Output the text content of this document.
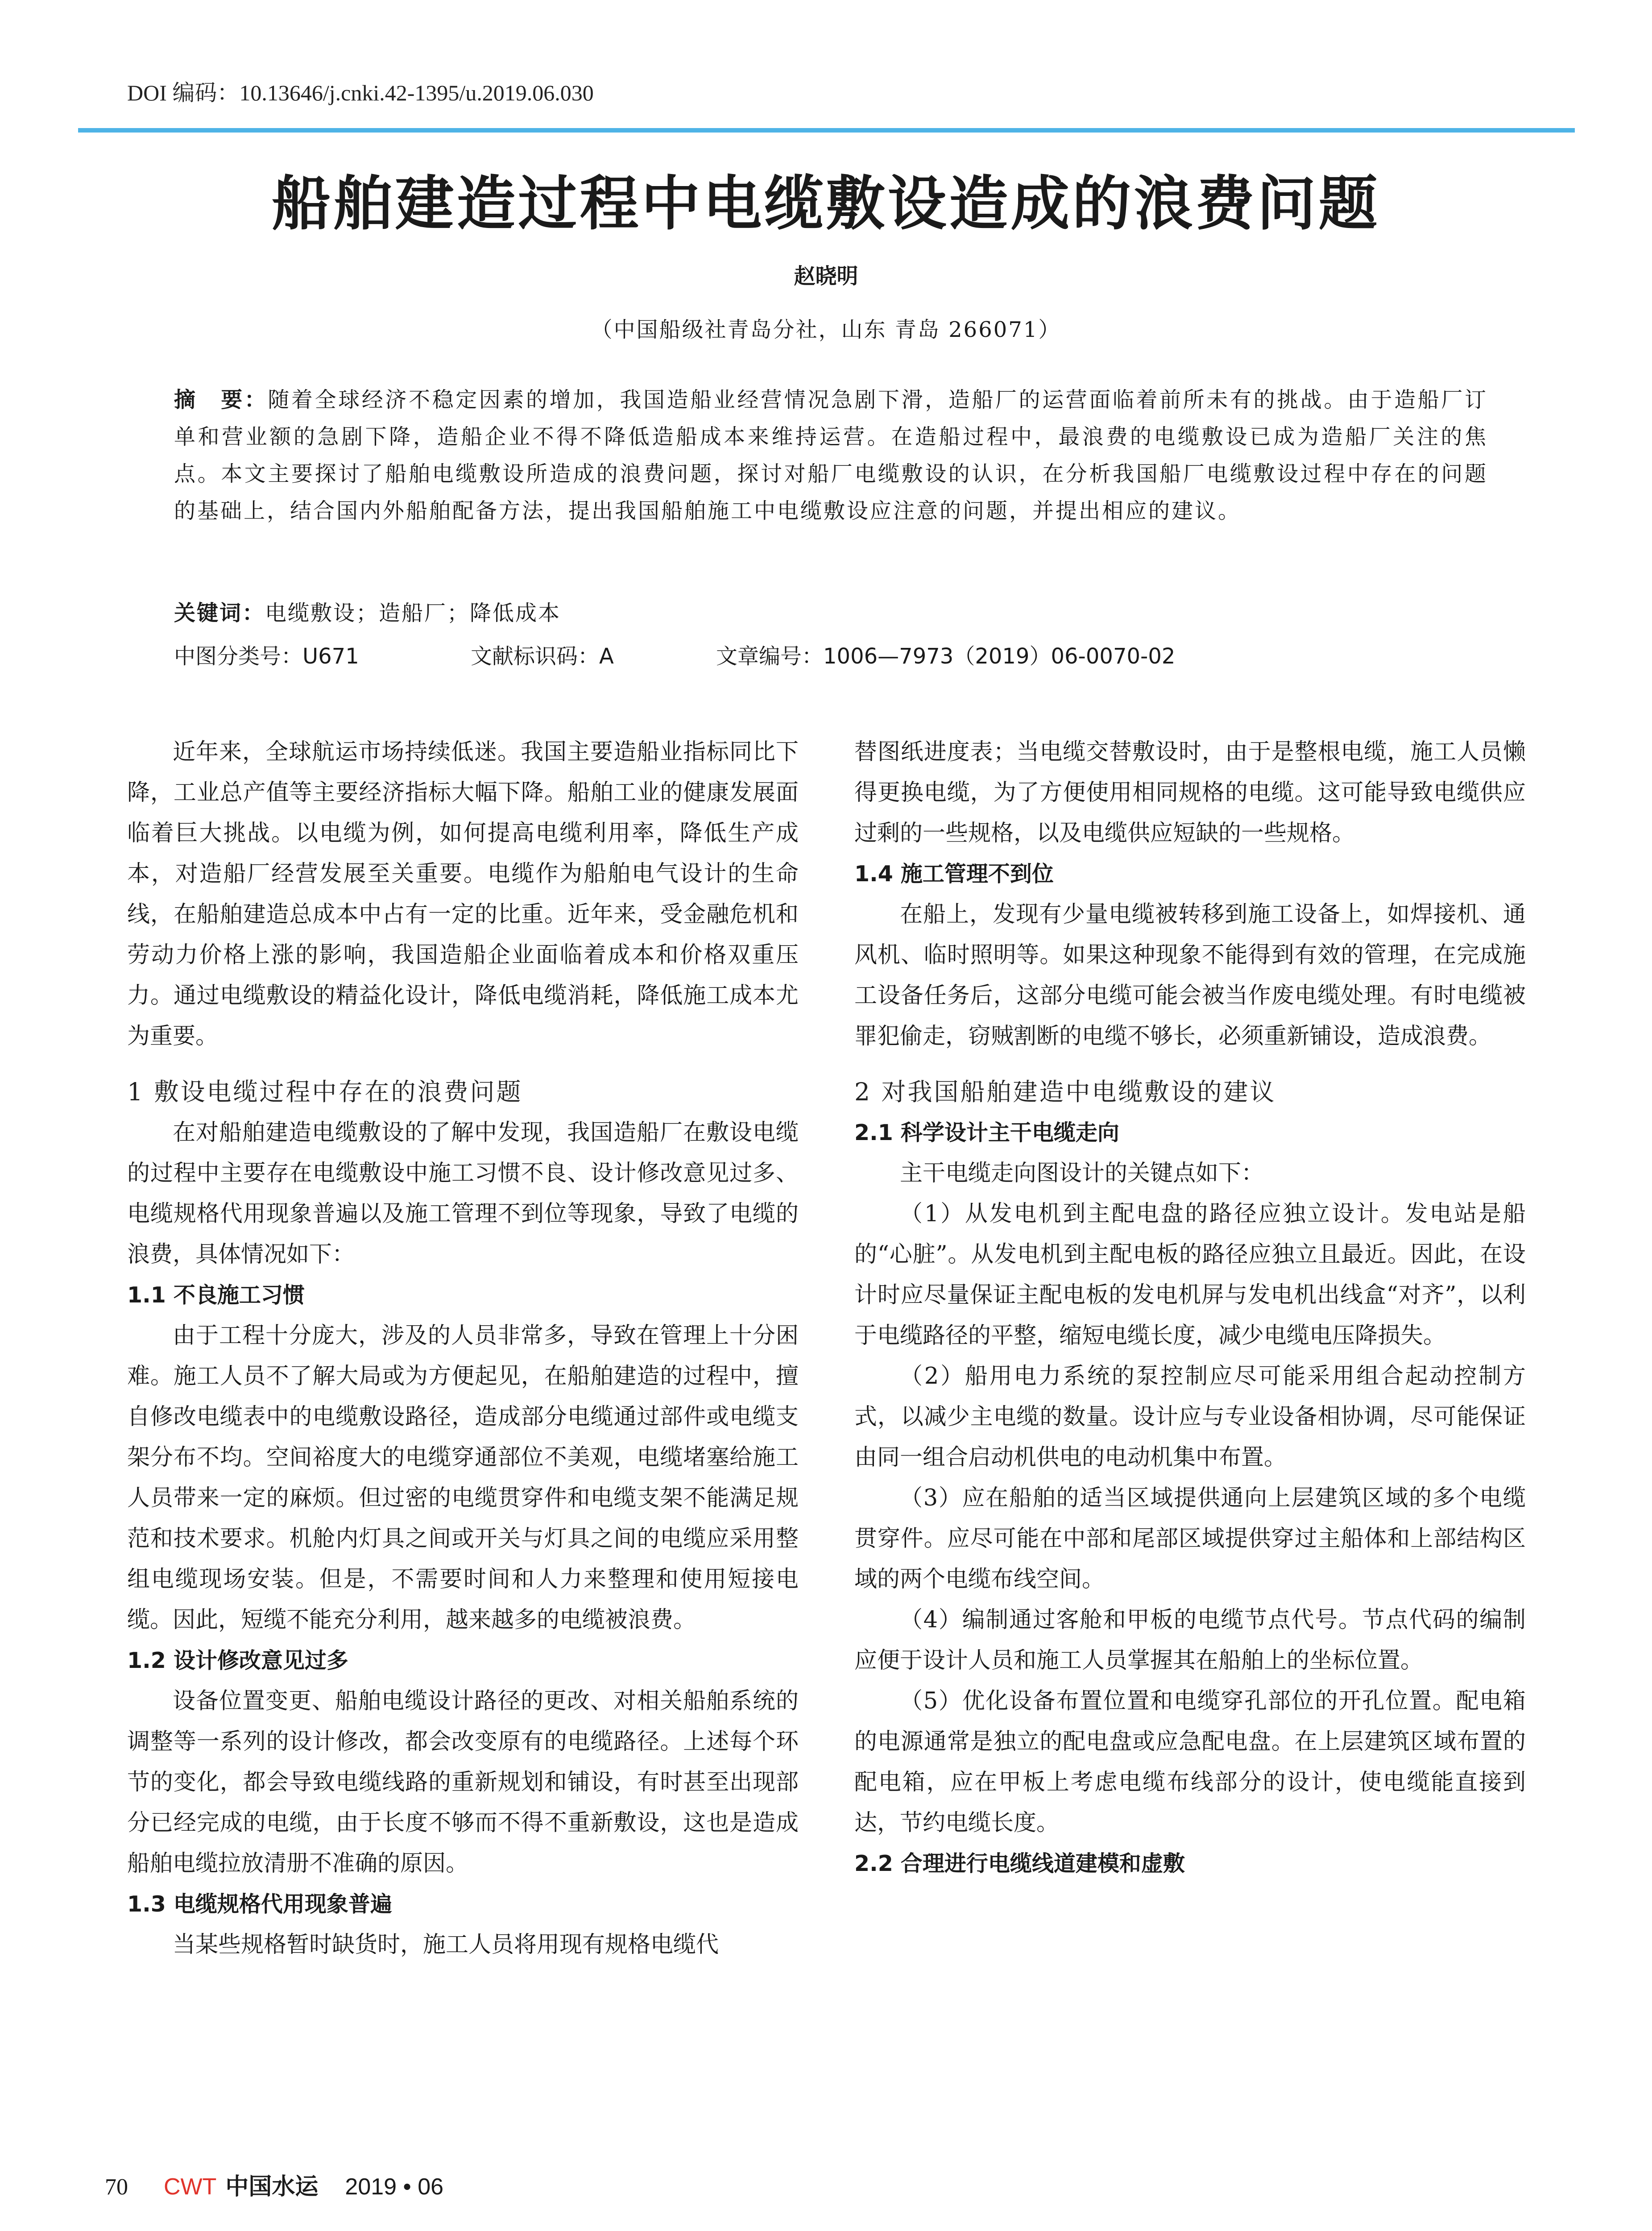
DOI 编码：10.13646/j.cnki.42-1395/u.2019.06.030
船舶建造过程中电缆敷设造成的浪费问题
赵晓明
（中国船级社青岛分社，山东 青岛 266071）
摘　要：随着全球经济不稳定因素的增加，我国造船业经营情况急剧下滑，造船厂的运营面临着前所未有的挑战。由于造船厂订单和营业额的急剧下降，造船企业不得不降低造船成本来维持运营。在造船过程中，最浪费的电缆敷设已成为造船厂关注的焦点。本文主要探讨了船舶电缆敷设所造成的浪费问题，探讨对船厂电缆敷设的认识，在分析我国船厂电缆敷设过程中存在的问题的基础上，结合国内外船舶配备方法，提出我国船舶施工中电缆敷设应注意的问题，并提出相应的建议。
关键词：电缆敷设；造船厂；降低成本
中图分类号：U671	文献标识码：A	文章编号：1006—7973（2019）06-0070-02

近年来，全球航运市场持续低迷。我国主要造船业指标同比下降，工业总产值等主要经济指标大幅下降。船舶工业的健康发展面临着巨大挑战。以电缆为例，如何提高电缆利用率，降低生产成本，对造船厂经营发展至关重要。电缆作为船舶电气设计的生命线，在船舶建造总成本中占有一定的比重。近年来，受金融危机和劳动力价格上涨的影响，我国造船企业面临着成本和价格双重压力。通过电缆敷设的精益化设计，降低电缆消耗，降低施工成本尤为重要。

1 敷设电缆过程中存在的浪费问题

在对船舶建造电缆敷设的了解中发现，我国造船厂在敷设电缆的过程中主要存在电缆敷设中施工习惯不良、设计修改意见过多、电缆规格代用现象普遍以及施工管理不到位等现象，导致了电缆的浪费，具体情况如下：

1.1 不良施工习惯

由于工程十分庞大，涉及的人员非常多，导致在管理上十分困难。施工人员不了解大局或为方便起见，在船舶建造的过程中，擅自修改电缆表中的电缆敷设路径，造成部分电缆通过部件或电缆支架分布不均。空间裕度大的电缆穿通部位不美观，电缆堵塞给施工人员带来一定的麻烦。但过密的电缆贯穿件和电缆支架不能满足规范和技术要求。机舱内灯具之间或开关与灯具之间的电缆应采用整组电缆现场安装。但是，不需要时间和人力来整理和使用短接电缆。因此，短缆不能充分利用，越来越多的电缆被浪费。

1.2 设计修改意见过多

设备位置变更、船舶电缆设计路径的更改、对相关船舶系统的调整等一系列的设计修改，都会改变原有的电缆路径。上述每个环节的变化，都会导致电缆线路的重新规划和铺设，有时甚至出现部分已经完成的电缆，由于长度不够而不得不重新敷设，这也是造成船舶电缆拉放清册不准确的原因。

1.3 电缆规格代用现象普遍

当某些规格暂时缺货时，施工人员将用现有规格电缆代

替图纸进度表；当电缆交替敷设时，由于是整根电缆，施工人员懒得更换电缆，为了方便使用相同规格的电缆。这可能导致电缆供应过剩的一些规格，以及电缆供应短缺的一些规格。

1.4 施工管理不到位

在船上，发现有少量电缆被转移到施工设备上，如焊接机、通风机、临时照明等。如果这种现象不能得到有效的管理，在完成施工设备任务后，这部分电缆可能会被当作废电缆处理。有时电缆被罪犯偷走，窃贼割断的电缆不够长，必须重新铺设，造成浪费。

2 对我国船舶建造中电缆敷设的建议
2.1 科学设计主干电缆走向

主干电缆走向图设计的关键点如下：

（1）从发电机到主配电盘的路径应独立设计。发电站是船的“心脏”。从发电机到主配电板的路径应独立且最近。因此，在设计时应尽量保证主配电板的发电机屏与发电机出线盒“对齐”，以利于电缆路径的平整，缩短电缆长度，减少电缆电压降损失。

（2）船用电力系统的泵控制应尽可能采用组合起动控制方式，以减少主电缆的数量。设计应与专业设备相协调，尽可能保证由同一组合启动机供电的电动机集中布置。

（3）应在船舶的适当区域提供通向上层建筑区域的多个电缆贯穿件。应尽可能在中部和尾部区域提供穿过主船体和上部结构区域的两个电缆布线空间。

（4）编制通过客舱和甲板的电缆节点代号。节点代码的编制应便于设计人员和施工人员掌握其在船舶上的坐标位置。

（5）优化设备布置位置和电缆穿孔部位的开孔位置。配电箱的电源通常是独立的配电盘或应急配电盘。在上层建筑区域布置的配电箱，应在甲板上考虑电缆布线部分的设计，使电缆能直接到达，节约电缆长度。

2.2 合理进行电缆线道建模和虚敷
70 CWT 中国水运 2019 • 06
